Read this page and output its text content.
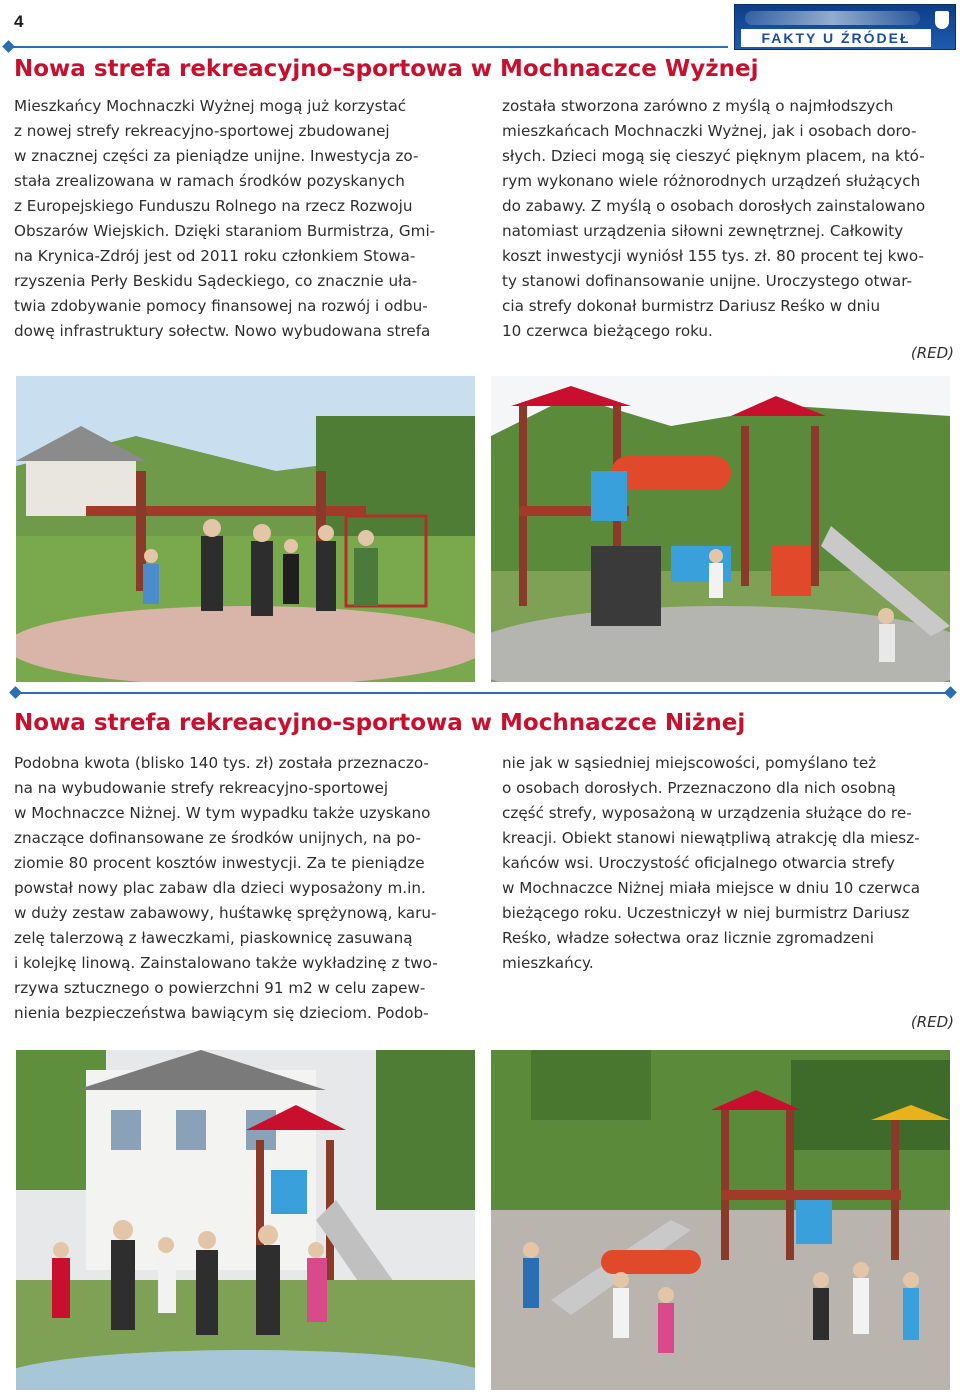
4
FAKTY U ŹRÓDEŁ
Nowa strefa rekreacyjno-sportowa w Mochnaczce Wyżnej
Mieszkańcy Mochnaczki Wyżnej mogą już korzystać
z nowej strefy rekreacyjno-sportowej zbudowanej
w znacznej części za pieniądze unijne. Inwestycja zo-
stała zrealizowana w ramach środków pozyskanych
z Europejskiego Funduszu Rolnego na rzecz Rozwoju
Obszarów Wiejskich. Dzięki staraniom Burmistrza, Gmi-
na Krynica-Zdrój jest od 2011 roku członkiem Stowa-
rzyszenia Perły Beskidu Sądeckiego, co znacznie uła-
twia zdobywanie pomocy finansowej na rozwój i odbu-
dowę infrastruktury sołectw. Nowo wybudowana strefa
została stworzona zarówno z myślą o najmłodszych
mieszkańcach Mochnaczki Wyżnej, jak i osobach doro-
słych. Dzieci mogą się cieszyć pięknym placem, na któ-
rym wykonano wiele różnorodnych urządzeń służących
do zabawy. Z myślą o osobach dorosłych zainstalowano
natomiast urządzenia siłowni zewnętrznej. Całkowity
koszt inwestycji wyniósł 155 tys. zł. 80 procent tej kwo-
ty stanowi dofinansowanie unijne. Uroczystego otwar-
cia strefy dokonał burmistrz Dariusz Reśko w dniu
10 czerwca bieżącego roku.
(RED)
Nowa strefa rekreacyjno-sportowa w Mochnaczce Niżnej
Podobna kwota (blisko 140 tys. zł) została przeznaczo-
na na wybudowanie strefy rekreacyjno-sportowej
w Mochnaczce Niżnej. W tym wypadku także uzyskano
znaczące dofinansowane ze środków unijnych, na po-
ziomie 80 procent kosztów inwestycji. Za te pieniądze
powstał nowy plac zabaw dla dzieci wyposażony m.in.
w duży zestaw zabawowy, huśtawkę sprężynową, karu-
zelę talerzową z ławeczkami, piaskownicę zasuwaną
i kolejkę linową. Zainstalowano także wykładzinę z two-
rzywa sztucznego o powierzchni 91 m2 w celu zapew-
nienia bezpieczeństwa bawiącym się dzieciom. Podob-
nie jak w sąsiedniej miejscowości, pomyślano też
o osobach dorosłych. Przeznaczono dla nich osobną
część strefy, wyposażoną w urządzenia służące do re-
kreacji. Obiekt stanowi niewątpliwą atrakcję dla miesz-
kańców wsi. Uroczystość oficjalnego otwarcia strefy
w Mochnaczce Niżnej miała miejsce w dniu 10 czerwca
bieżącego roku. Uczestniczył w niej burmistrz Dariusz
Reśko, władze sołectwa oraz licznie zgromadzeni
mieszkańcy.
(RED)
